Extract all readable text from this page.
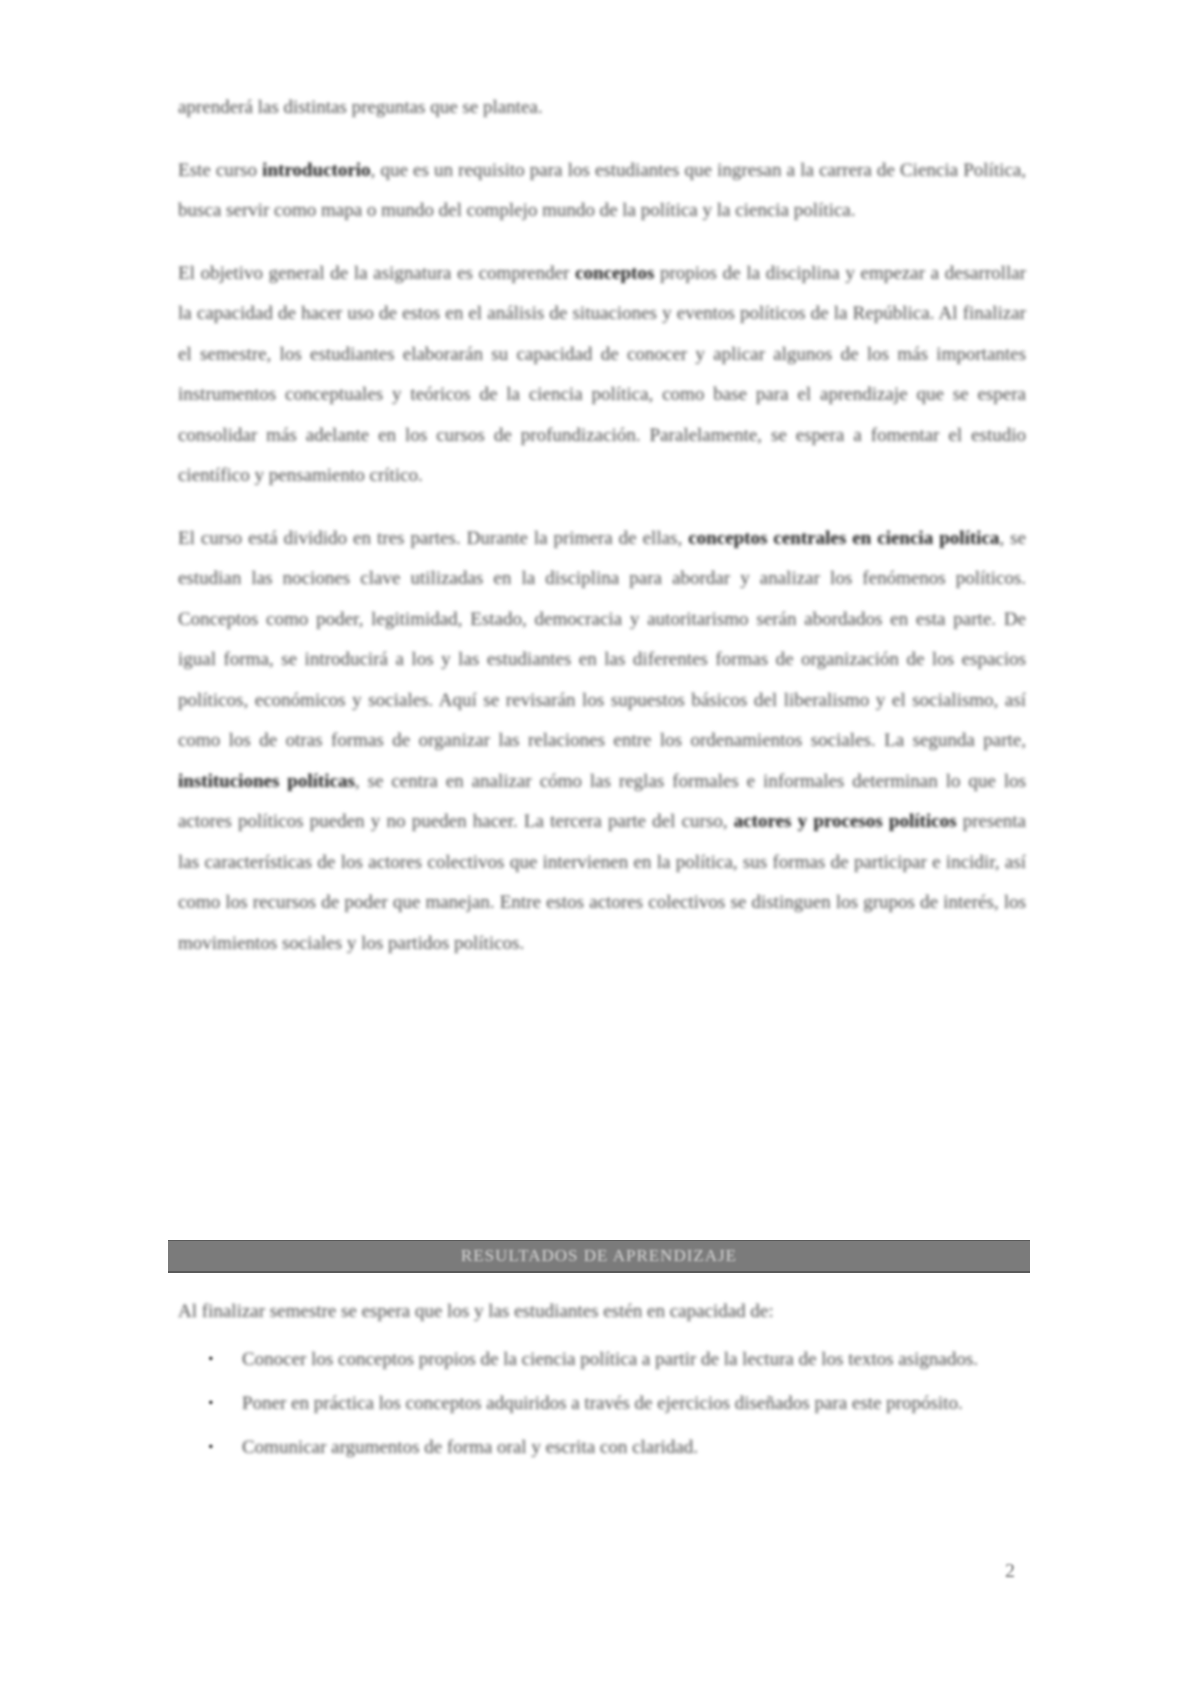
aprenderá las distintas preguntas que se plantea.

Este curso introductorio, que es un requisito para los estudiantes que ingresan a la carrera de Ciencia Política, busca servir como mapa o mundo del complejo mundo de la política y la ciencia política.

El objetivo general de la asignatura es comprender conceptos propios de la disciplina y empezar a desarrollar la capacidad de hacer uso de estos en el análisis de situaciones y eventos políticos de la República. Al finalizar el semestre, los estudiantes elaborarán su capacidad de conocer y aplicar algunos de los más importantes instrumentos conceptuales y teóricos de la ciencia política, como base para el aprendizaje que se espera consolidar más adelante en los cursos de profundización. Paralelamente, se espera a fomentar el estudio científico y pensamiento crítico.

El curso está dividido en tres partes. Durante la primera de ellas, conceptos centrales en ciencia política, se estudian las nociones clave utilizadas en la disciplina para abordar y analizar los fenómenos políticos. Conceptos como poder, legitimidad, Estado, democracia y autoritarismo serán abordados en esta parte. De igual forma, se introducirá a los y las estudiantes en las diferentes formas de organización de los espacios políticos, económicos y sociales. Aquí se revisarán los supuestos básicos del liberalismo y el socialismo, así como los de otras formas de organizar las relaciones entre los ordenamientos sociales. La segunda parte, instituciones políticas, se centra en analizar cómo las reglas formales e informales determinan lo que los actores políticos pueden y no pueden hacer. La tercera parte del curso, actores y procesos políticos presenta las características de los actores colectivos que intervienen en la política, sus formas de participar e incidir, así como los recursos de poder que manejan. Entre estos actores colectivos se distinguen los grupos de interés, los movimientos sociales y los partidos políticos.

RESULTADOS DE APRENDIZAJE
Al finalizar semestre se espera que los y las estudiantes estén en capacidad de:
• Conocer los conceptos propios de la ciencia política a partir de la lectura de los textos asignados.
• Poner en práctica los conceptos adquiridos a través de ejercicios diseñados para este propósito.
• Comunicar argumentos de forma oral y escrita con claridad.
2
